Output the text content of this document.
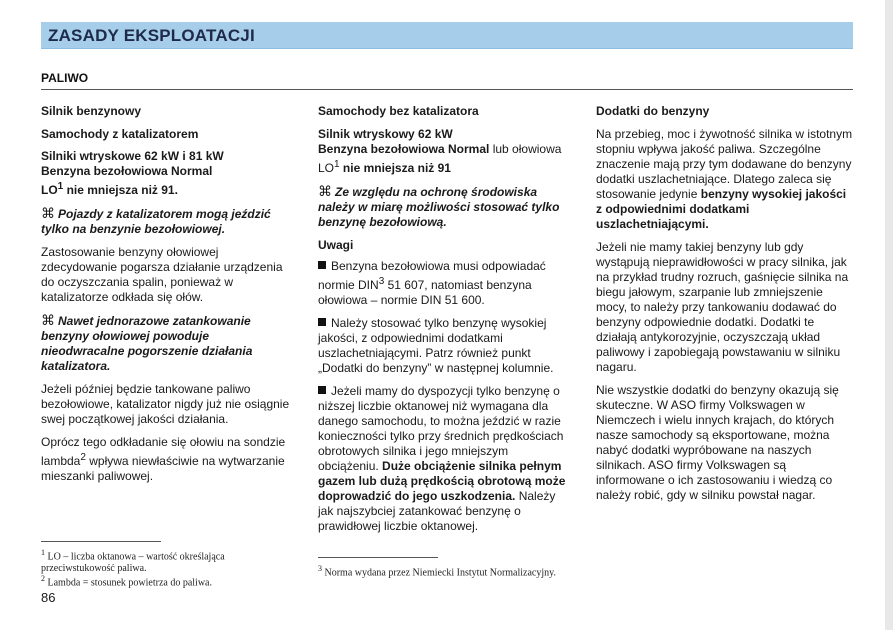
ZASADY EKSPLOATACJI
PALIWO
Silnik benzynowy
Samochody z katalizatorem
Silniki wtryskowe 62 kW i 81 kW
Benzyna bezołowiowa Normal

$LO^1$ nie mniejsza niż 91.

⌘ Pojazdy z katalizatorem mogą jeździć tylko na benzynie bezołowiowej.

Zastosowanie benzyny ołowiowej zdecydowanie pogarsza działanie urządzenia do oczyszczania spalin, ponieważ w katalizatorze odkłada się ołów.

⌘ Nawet jednorazowe zatankowanie benzyny ołowiowej powoduje nieodwracalne pogorszenie działania katalizatora.

Jeżeli później będzie tankowane paliwo bezołowiowe, katalizator nigdy już nie osiągnie swej początkowej jakości działania.

Oprócz tego odkładanie się ołowiu na sondzie lambda$^2$ wpływa niewłaściwie na wytwarzanie mieszanki paliwowej.

Samochody bez katalizatora
Silnik wtryskowy 62 kW

Benzyna bezołowiowa Normal lub ołowiowa $LO^1$ nie mniejsza niż 91

⌘ Ze względu na ochronę środowiska należy w miarę możliwości stosować tylko benzynę bezołowiową.

Uwagi

Benzyna bezołowiowa musi odpowiadać normie DIN$^3$ 51 607, natomiast benzyna ołowiowa – normie DIN 51 600.

Należy stosować tylko benzynę wysokiej jakości, z odpowiednimi dodatkami uszlachetniającymi. Patrz również punkt „Dodatki do benzyny” w następnej kolumnie.

Jeżeli mamy do dyspozycji tylko benzynę o niższej liczbie oktanowej niż wymagana dla danego samochodu, to można jeździć w razie konieczności tylko przy średnich prędkościach obrotowych silnika i jego mniejszym obciążeniu. Duże obciążenie silnika pełnym gazem lub dużą prędkością obrotową może doprowadzić do jego uszkodzenia. Należy jak najszybciej zatankować benzynę o prawidłowej liczbie oktanowej.

Dodatki do benzyny

Na przebieg, moc i żywotność silnika w istotnym stopniu wpływa jakość paliwa. Szczególne znaczenie mają przy tym dodawane do benzyny dodatki uszlachetniające. Dlatego zaleca się stosowanie jedynie benzyny wysokiej jakości z odpowiednimi dodatkami uszlachetniającymi.

Jeżeli nie mamy takiej benzyny lub gdy wystąpują nieprawidłowości w pracy silnika, jak na przykład trudny rozruch, gaśnięcie silnika na biegu jałowym, szarpanie lub zmniejszenie mocy, to należy przy tankowaniu dodawać do benzyny odpowiednie dodatki. Dodatki te działają antykorozyjnie, oczyszczają układ paliwowy i zapobiegają powstawaniu w silniku nagaru.

Nie wszystkie dodatki do benzyny okazują się skuteczne. W ASO firmy Volkswagen w Niemczech i wielu innych krajach, do których nasze samochody są eksportowane, można nabyć dodatki wypróbowane na naszych silnikach. ASO firmy Volkswagen są informowane o ich zastosowaniu i wiedzą co należy robić, gdy w silniku powstał nagar.

$^1$ LO – liczba oktanowa – wartość określająca przeciwstukowość paliwa.
$^2$ Lambda = stosunek powietrza do paliwa.
$^3$ Norma wydana przez Niemiecki Instytut Normalizacyjny.
86
